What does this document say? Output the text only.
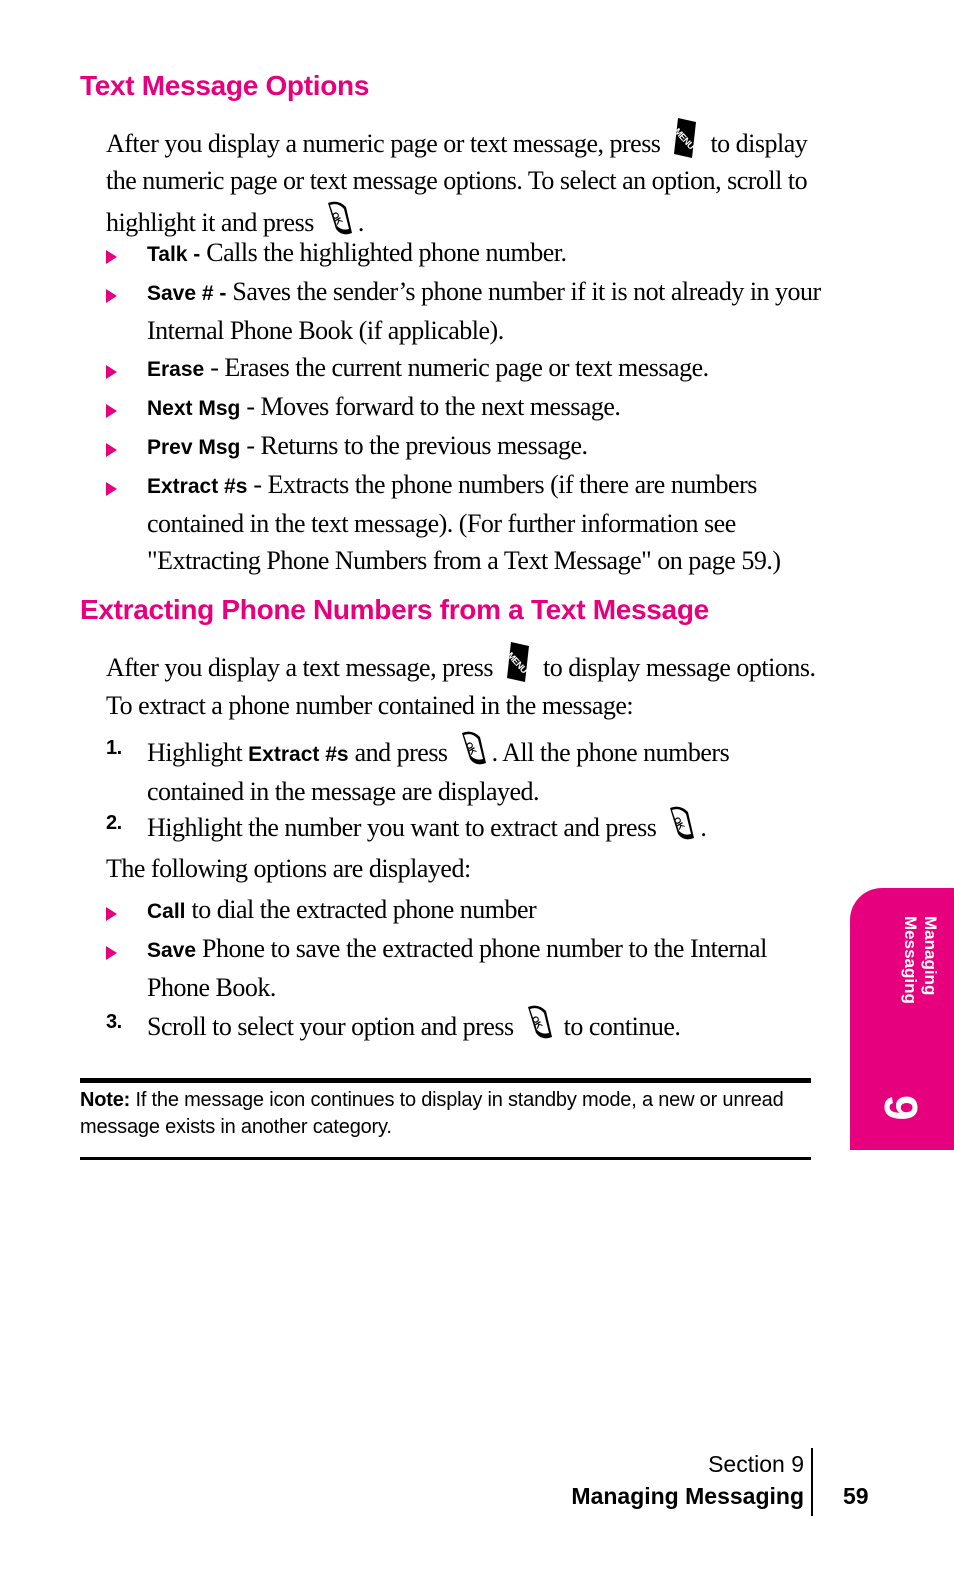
Text Message Options

After you display a numeric page or text message, press MENU to display the numeric page or text message options. To select an option, scroll to highlight it and press OK .

Talk - Calls the highlighted phone number.
Save # - Saves the sender’s phone number if it is not already in your Internal Phone Book (if applicable).
Erase - Erases the current numeric page or text message.
Next Msg - Moves forward to the next message.
Prev Msg - Returns to the previous message.
Extract #s - Extracts the phone numbers (if there are numbers contained in the text message). (For further information see "Extracting Phone Numbers from a Text Message" on page 59.)
Extracting Phone Numbers from a Text Message

After you display a text message, press MENU to display message options.

To extract a phone number contained in the message:

1. Highlight Extract #s and press OK . All the phone numbers contained in the message are displayed.
2. Highlight the number you want to extract and press OK .

The following options are displayed:

Call to dial the extracted phone number
Save Phone to save the extracted phone number to the Internal Phone Book.
3. Scroll to select your option and press OK to continue.

Note: If the message icon continues to display in standby mode, a new or unread message exists in another category.

Managing
Messaging
9
Section 9
Managing Messaging 59
